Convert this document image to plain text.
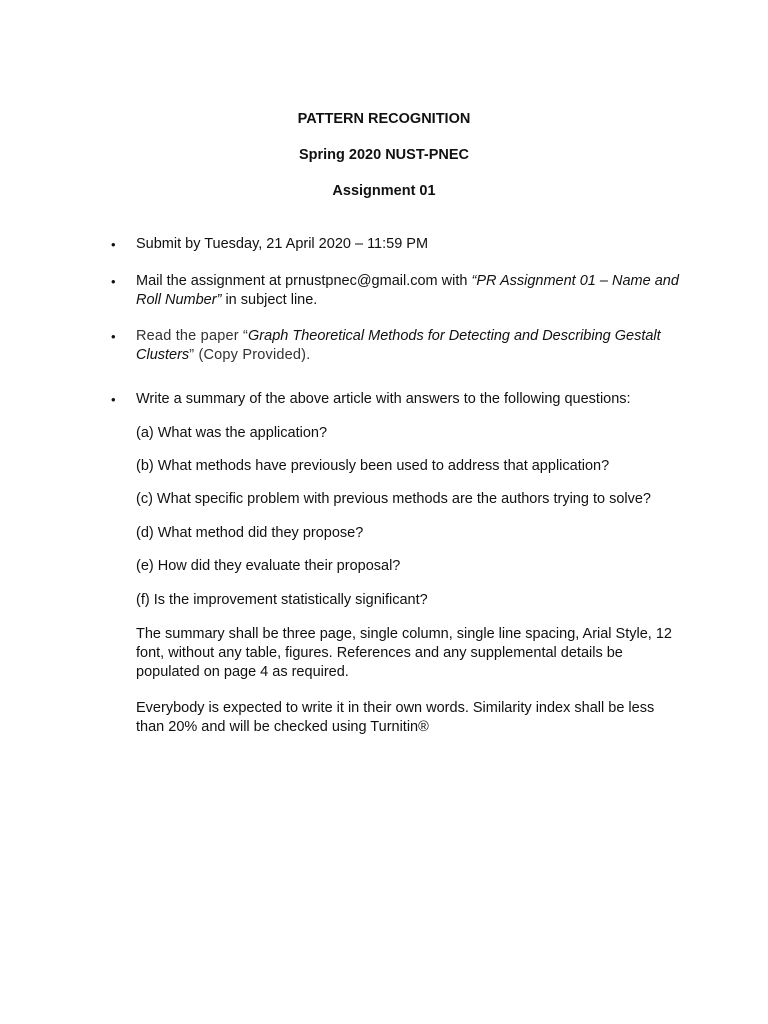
PATTERN RECOGNITION
Spring 2020 NUST-PNEC
Assignment 01
• Submit by Tuesday, 21 April 2020 – 11:59 PM
• Mail the assignment at prnustpnec@gmail.com with “PR Assignment 01 – Name and Roll Number” in subject line.
• Read the paper “Graph Theoretical Methods for Detecting and Describing Gestalt Clusters” (Copy Provided).
• Write a summary of the above article with answers to the following questions:
(a) What was the application?
(b) What methods have previously been used to address that application?
(c) What specific problem with previous methods are the authors trying to solve?
(d) What method did they propose?
(e) How did they evaluate their proposal?
(f) Is the improvement statistically significant?
The summary shall be three page, single column, single line spacing, Arial Style, 12 font, without any table, figures. References and any supplemental details be populated on page 4 as required.
Everybody is expected to write it in their own words. Similarity index shall be less than 20% and will be checked using Turnitin®
